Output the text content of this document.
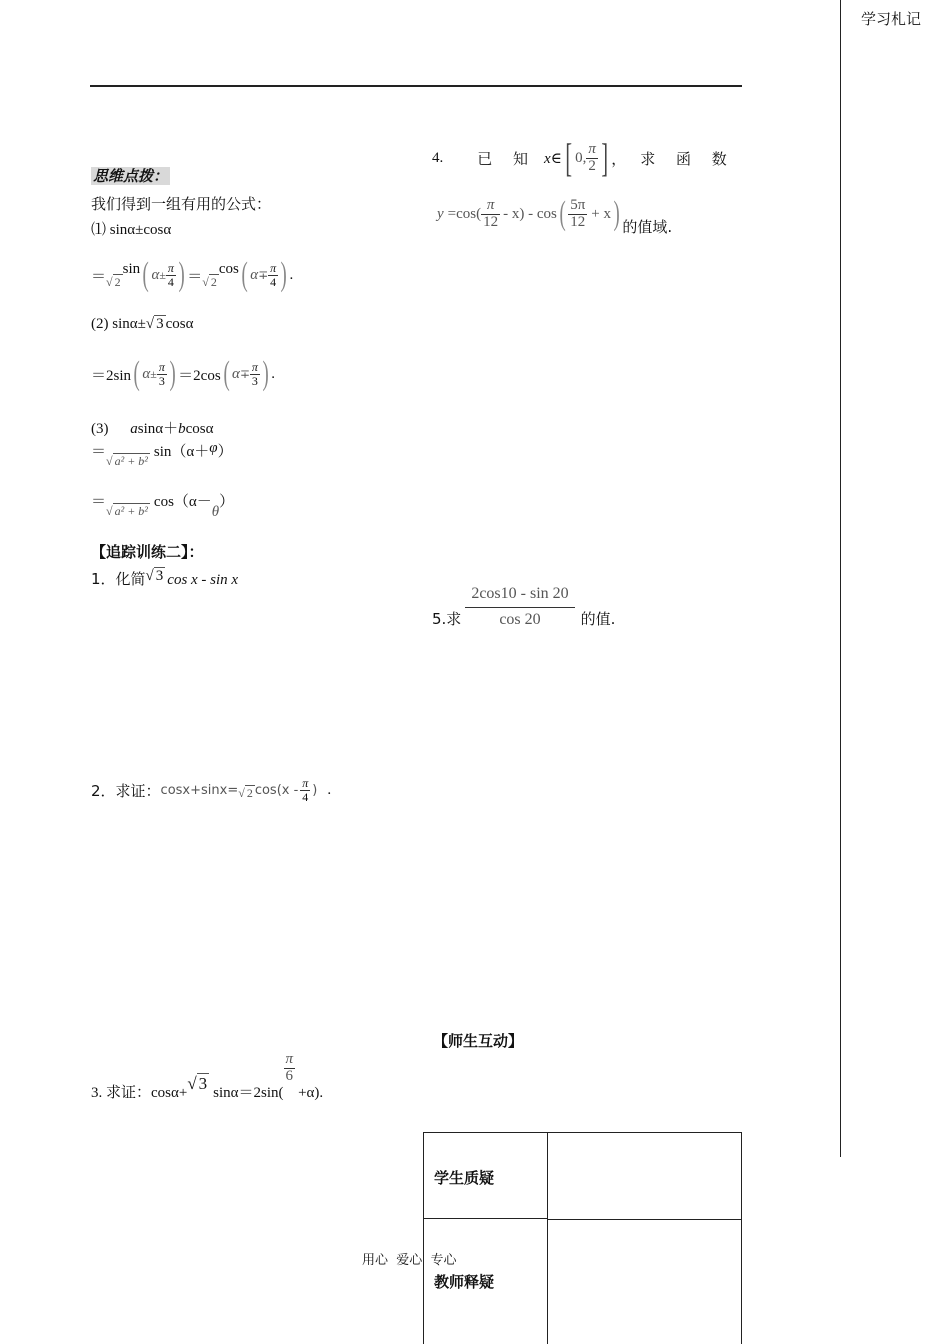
学习札记
思维点拨：
我们得到一组有用的公式：
⑴ sinα±cosα
＝ √ 2
sin ( $\alpha \pm \frac{\pi}{4}$ ) ＝ √ 2
cos ( $\alpha \mp \frac{\pi}{4}$ ) .
(2) sinα± √ 3 cosα
＝2sin ( $\alpha \pm \frac{\pi}{3}$ ) ＝2cos ( $\alpha \mp \frac{\pi}{3}$ ) .
(3) asinα＋bcosα
＝
√ a² + b²
sin（α＋ φ ）
＝
√ a² + b²
cos（α－
θ
）
【追踪训练二】：
1．化简 √ 3 cos x - sin x
2．求证： cosx+sinx= √ 2 $\cos (x - \frac{\pi}{4}$ ) .
3. 求证：cosα+ √ 3 sinα＝2sin(
$\frac{\pi}{6}$
+α).
4. 已 知 x∈ [ 0, $\frac{\pi}{2}$ ] ， 求 函 数
$y =\cos( \frac{\pi}{12} - x) - \cos$ ( $\frac{5\pi}{12} + x$ ) 的值域.
5.求 $\frac{2\cos 10 - \sin 20}{\cos 20}$ 的值.
【师生互动】
学生质疑
教师释疑
用心  爱心  专心
